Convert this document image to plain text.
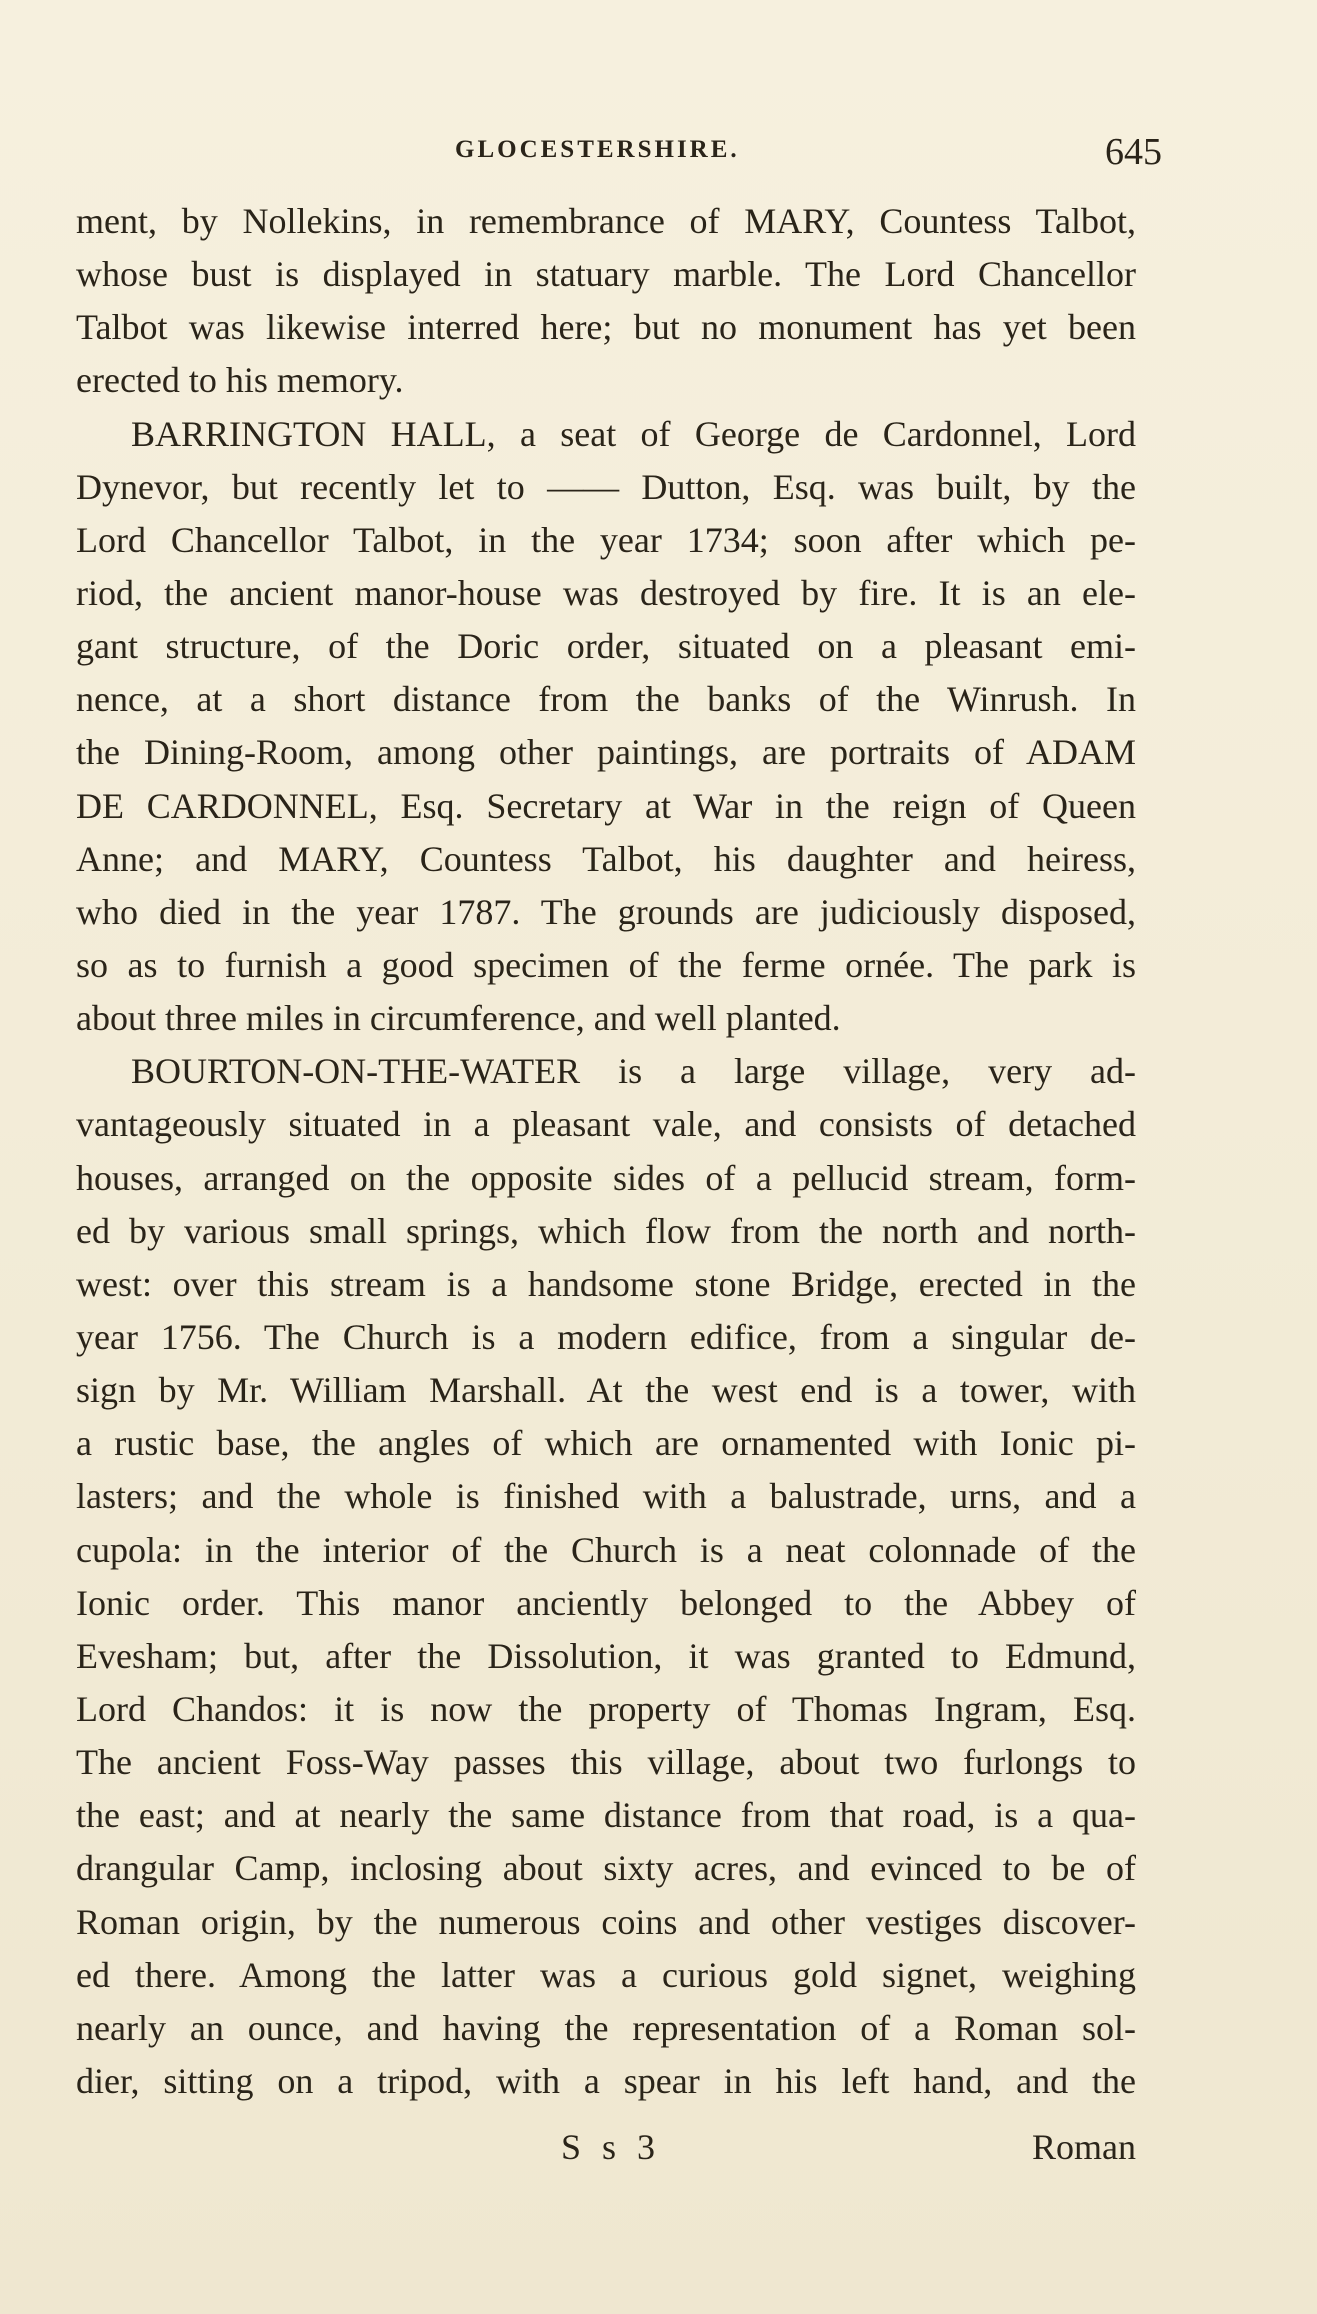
GLOCESTERSHIRE.	645
ment, by Nollekins, in remembrance of MARY, Countess Talbot,
whose bust is displayed in statuary marble. The Lord Chancellor
Talbot was likewise interred here; but no monument has yet been
erected to his memory.
BARRINGTON HALL, a seat of George de Cardonnel, Lord
Dynevor, but recently let to —— Dutton, Esq. was built, by the
Lord Chancellor Talbot, in the year 1734; soon after which pe-
riod, the ancient manor-house was destroyed by fire. It is an ele-
gant structure, of the Doric order, situated on a pleasant emi-
nence, at a short distance from the banks of the Winrush. In
the Dining-Room, among other paintings, are portraits of ADAM
DE CARDONNEL, Esq. Secretary at War in the reign of Queen
Anne; and MARY, Countess Talbot, his daughter and heiress,
who died in the year 1787. The grounds are judiciously disposed,
so as to furnish a good specimen of the ferme ornée. The park is
about three miles in circumference, and well planted.
BOURTON-ON-THE-WATER is a large village, very ad-
vantageously situated in a pleasant vale, and consists of detached
houses, arranged on the opposite sides of a pellucid stream, form-
ed by various small springs, which flow from the north and north-
west: over this stream is a handsome stone Bridge, erected in the
year 1756. The Church is a modern edifice, from a singular de-
sign by Mr. William Marshall. At the west end is a tower, with
a rustic base, the angles of which are ornamented with Ionic pi-
lasters; and the whole is finished with a balustrade, urns, and a
cupola: in the interior of the Church is a neat colonnade of the
Ionic order. This manor anciently belonged to the Abbey of
Evesham; but, after the Dissolution, it was granted to Edmund,
Lord Chandos: it is now the property of Thomas Ingram, Esq.
The ancient Foss-Way passes this village, about two furlongs to
the east; and at nearly the same distance from that road, is a qua-
drangular Camp, inclosing about sixty acres, and evinced to be of
Roman origin, by the numerous coins and other vestiges discover-
ed there. Among the latter was a curious gold signet, weighing
nearly an ounce, and having the representation of a Roman sol-
dier, sitting on a tripod, with a spear in his left hand, and the
S s 3	Roman
